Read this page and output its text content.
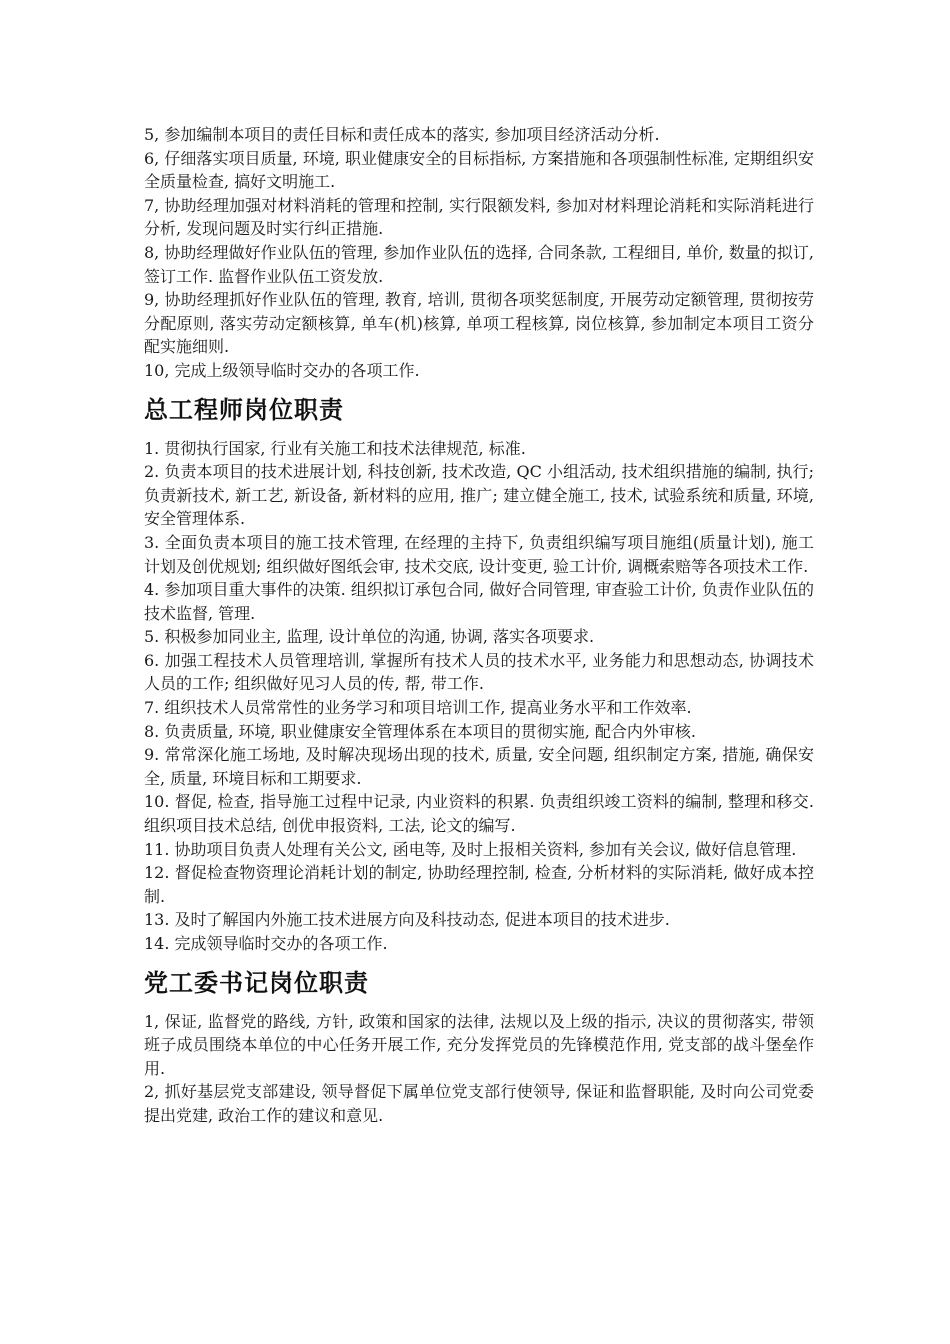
5, 参加编制本项目的责任目标和责任成本的落实, 参加项目经济活动分析.

6, 仔细落实项目质量, 环境, 职业健康安全的目标指标, 方案措施和各项强制性标准, 定期组织安全质量检查, 搞好文明施工.

7, 协助经理加强对材料消耗的管理和控制, 实行限额发料, 参加对材料理论消耗和实际消耗进行分析, 发现问题及时实行纠正措施.

8, 协助经理做好作业队伍的管理, 参加作业队伍的选择, 合同条款, 工程细目, 单价, 数量的拟订, 签订工作. 监督作业队伍工资发放.

9, 协助经理抓好作业队伍的管理, 教育, 培训, 贯彻各项奖惩制度, 开展劳动定额管理, 贯彻按劳分配原则, 落实劳动定额核算, 单车(机)核算, 单项工程核算, 岗位核算, 参加制定本项目工资分配实施细则.

10, 完成上级领导临时交办的各项工作.

总工程师岗位职责

1. 贯彻执行国家, 行业有关施工和技术法律规范, 标准.

2. 负责本项目的技术进展计划, 科技创新, 技术改造, QC 小组活动, 技术组织措施的编制, 执行; 负责新技术, 新工艺, 新设备, 新材料的应用, 推广; 建立健全施工, 技术, 试验系统和质量, 环境, 安全管理体系.

3. 全面负责本项目的施工技术管理, 在经理的主持下, 负责组织编写项目施组(质量计划), 施工计划及创优规划; 组织做好图纸会审, 技术交底, 设计变更, 验工计价, 调概索赔等各项技术工作.

4. 参加项目重大事件的决策. 组织拟订承包合同, 做好合同管理, 审查验工计价, 负责作业队伍的技术监督, 管理.

5. 积极参加同业主, 监理, 设计单位的沟通, 协调, 落实各项要求.

6. 加强工程技术人员管理培训, 掌握所有技术人员的技术水平, 业务能力和思想动态, 协调技术人员的工作; 组织做好见习人员的传, 帮, 带工作.

7. 组织技术人员常常性的业务学习和项目培训工作, 提高业务水平和工作效率.

8. 负责质量, 环境, 职业健康安全管理体系在本项目的贯彻实施, 配合内外审核.

9. 常常深化施工场地, 及时解决现场出现的技术, 质量, 安全问题, 组织制定方案, 措施, 确保安全, 质量, 环境目标和工期要求.

10. 督促, 检查, 指导施工过程中记录, 内业资料的积累. 负责组织竣工资料的编制, 整理和移交. 组织项目技术总结, 创优申报资料, 工法, 论文的编写.

11. 协助项目负责人处理有关公文, 函电等, 及时上报相关资料, 参加有关会议, 做好信息管理.

12. 督促检查物资理论消耗计划的制定, 协助经理控制, 检查, 分析材料的实际消耗, 做好成本控制.

13. 及时了解国内外施工技术进展方向及科技动态, 促进本项目的技术进步.

14. 完成领导临时交办的各项工作.

党工委书记岗位职责

1, 保证, 监督党的路线, 方针, 政策和国家的法律, 法规以及上级的指示, 决议的贯彻落实, 带领班子成员围绕本单位的中心任务开展工作, 充分发挥党员的先锋模范作用, 党支部的战斗堡垒作用.

2, 抓好基层党支部建设, 领导督促下属单位党支部行使领导, 保证和监督职能, 及时向公司党委提出党建, 政治工作的建议和意见.
